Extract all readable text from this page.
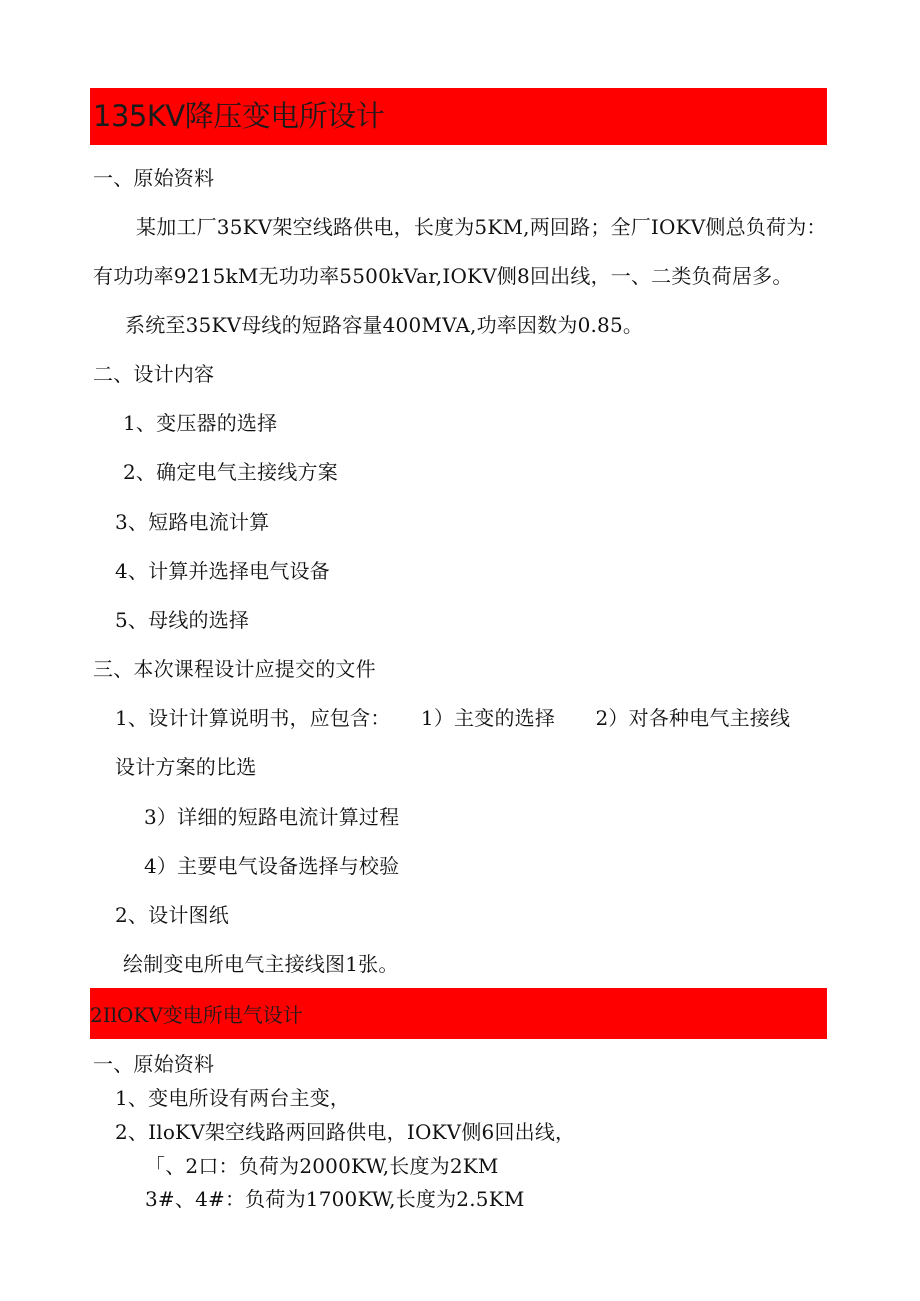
135KV降压变电所设计
一、原始资料
某加工厂35KV架空线路供电，长度为5KM,两回路；全厂IOKV侧总负荷为：
有功功率9215kM无功功率5500kVar,IOKV侧8回出线，一、二类负荷居多。
系统至35KV母线的短路容量400MVA,功率因数为0.85。
二、设计内容
1、变压器的选择
2、确定电气主接线方案
3、短路电流计算
4、计算并选择电气设备
5、母线的选择
三、本次课程设计应提交的文件
1、设计计算说明书，应包含：　　1）主变的选择　　2）对各种电气主接线
设计方案的比选
3）详细的短路电流计算过程
4）主要电气设备选择与校验
2、设计图纸
绘制变电所电气主接线图1张。
2IlOKV变电所电气设计
一、原始资料
1、变电所设有两台主变，
2、IloKV架空线路两回路供电，IOKV侧6回出线，
「、2口：负荷为2000KW,长度为2KM
3#、4#：负荷为1700KW,长度为2.5KM
